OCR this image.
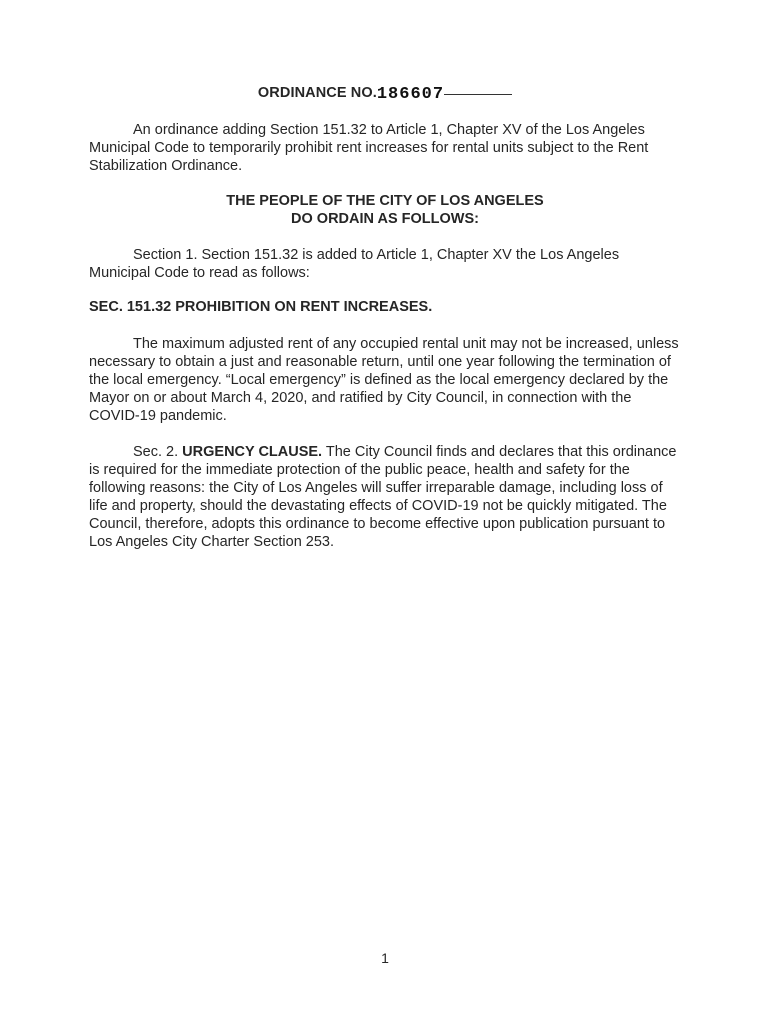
ORDINANCE NO.186607
An ordinance adding Section 151.32 to Article 1, Chapter XV of the Los Angeles Municipal Code to temporarily prohibit rent increases for rental units subject to the Rent Stabilization Ordinance.
THE PEOPLE OF THE CITY OF LOS ANGELES
DO ORDAIN AS FOLLOWS:
Section 1. Section 151.32 is added to Article 1, Chapter XV the Los Angeles Municipal Code to read as follows:
SEC. 151.32 PROHIBITION ON RENT INCREASES.
The maximum adjusted rent of any occupied rental unit may not be increased, unless necessary to obtain a just and reasonable return, until one year following the termination of the local emergency. “Local emergency” is defined as the local emergency declared by the Mayor on or about March 4, 2020, and ratified by City Council, in connection with the COVID-19 pandemic.
Sec. 2. URGENCY CLAUSE. The City Council finds and declares that this ordinance is required for the immediate protection of the public peace, health and safety for the following reasons: the City of Los Angeles will suffer irreparable damage, including loss of life and property, should the devastating effects of COVID-19 not be quickly mitigated. The Council, therefore, adopts this ordinance to become effective upon publication pursuant to Los Angeles City Charter Section 253.
1
